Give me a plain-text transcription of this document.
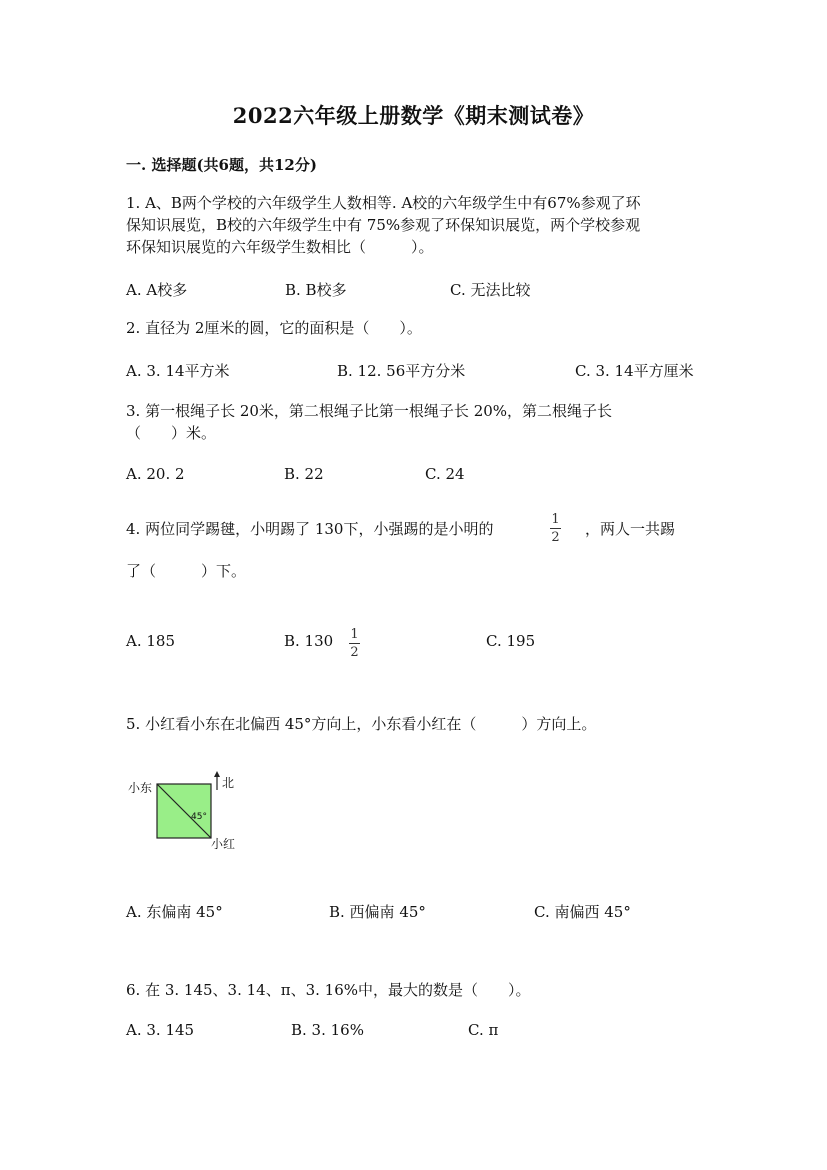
2022六年级上册数学《期末测试卷》
一. 选择题(共6题，共12分)
1. A、B两个学校的六年级学生人数相等. A校的六年级学生中有67%参观了环
保知识展览，B校的六年级学生中有 75%参观了环保知识展览，两个学校参观
环保知识展览的六年级学生数相比（　　　）。
A. A校多	B. B校多	C. 无法比较
2. 直径为 2厘米的圆，它的面积是（　　）。
A. 3. 14平方米	B. 12. 56平方分米	C. 3. 14平方厘米
3. 第一根绳子长 20米，第二根绳子比第一根绳子长 20%，第二根绳子长
（　　）米。
A. 20. 2	B. 22	C. 24
4. 两位同学踢毽，小明踢了 130下，小强踢的是小明的
1
2 ，两人一共踢
了（　　　）下。
A. 185	B. 130 1
2
C. 195
5. 小红看小东在北偏西 45°方向上，小东看小红在（　　　）方向上。
北
小东
45°
小红
A. 东偏南 45°	B. 西偏南 45°	C. 南偏西 45°
6. 在 3. 145、3. 14、π、3. 16%中，最大的数是（　　）。
A. 3. 145	B. 3. 16%	C. π
